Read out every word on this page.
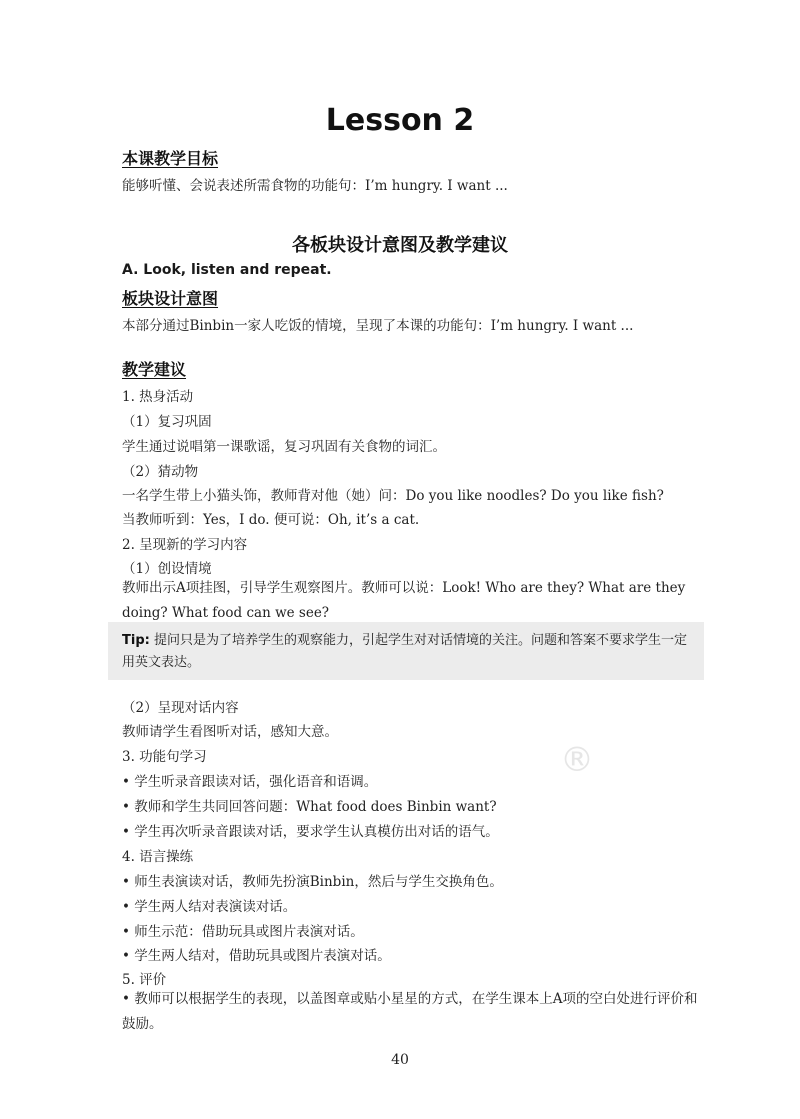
Lesson 2
本课教学目标

能够听懂、会说表述所需食物的功能句：I’m hungry. I want ...

各板块设计意图及教学建议

A. Look, listen and repeat.

板块设计意图

本部分通过Binbin一家人吃饭的情境，呈现了本课的功能句：I’m hungry. I want ...

教学建议

1. 热身活动

（1）复习巩固

学生通过说唱第一课歌谣，复习巩固有关食物的词汇。

（2）猜动物

一名学生带上小猫头饰，教师背对他（她）问：Do you like noodles? Do you like fish?

当教师听到：Yes，I do. 便可说：Oh, it’s a cat.

2. 呈现新的学习内容

（1）创设情境

教师出示A项挂图，引导学生观察图片。教师可以说：Look! Who are they? What are they doing? What food can we see?

Tip: 提问只是为了培养学生的观察能力，引起学生对对话情境的关注。问题和答案不要求学生一定用英文表达。

（2）呈现对话内容

教师请学生看图听对话，感知大意。

3. 功能句学习

• 学生听录音跟读对话，强化语音和语调。

• 教师和学生共同回答问题：What food does Binbin want?

• 学生再次听录音跟读对话，要求学生认真模仿出对话的语气。

4. 语言操练

• 师生表演读对话，教师先扮演Binbin，然后与学生交换角色。

• 学生两人结对表演读对话。

• 师生示范：借助玩具或图片表演对话。

• 学生两人结对，借助玩具或图片表演对话。

5. 评价

• 教师可以根据学生的表现，以盖图章或贴小星星的方式，在学生课本上A项的空白处进行评价和鼓励。

®

40
